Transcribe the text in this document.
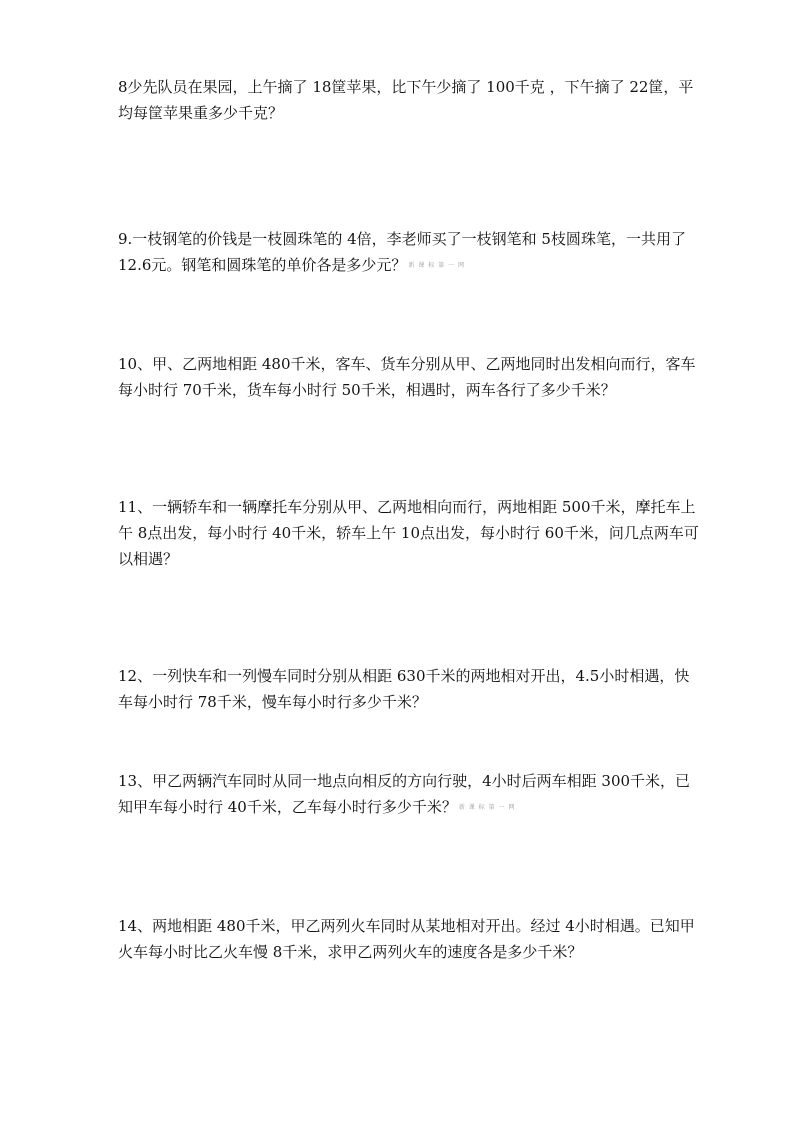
8少先队员在果园，上午摘了 18筐苹果，比下午少摘了 100千克 ，下午摘了 22筐，平均每筐苹果重多少千克？

9.一枝钢笔的价钱是一枝圆珠笔的 4倍，李老师买了一枝钢笔和 5枝圆珠笔，一共用了 12.6元。钢笔和圆珠笔的单价各是多少元？ 新 课 标 第 一 网

10、甲、乙两地相距 480千米，客车、货车分别从甲、乙两地同时出发相向而行，客车每小时行 70千米，货车每小时行 50千米，相遇时，两车各行了多少千米？

11、一辆轿车和一辆摩托车分别从甲、乙两地相向而行，两地相距 500千米，摩托车上午 8点出发，每小时行 40千米，轿车上午 10点出发，每小时行 60千米，问几点两车可以相遇？

12、一列快车和一列慢车同时分别从相距 630千米的两地相对开出，4.5小时相遇，快车每小时行 78千米，慢车每小时行多少千米？

13、甲乙两辆汽车同时从同一地点向相反的方向行驶，4小时后两车相距 300千米，已知甲车每小时行 40千米，乙车每小时行多少千米？ 新 课 标 第 一 网

14、两地相距 480千米，甲乙两列火车同时从某地相对开出。经过 4小时相遇。已知甲火车每小时比乙火车慢 8千米，求甲乙两列火车的速度各是多少千米？
